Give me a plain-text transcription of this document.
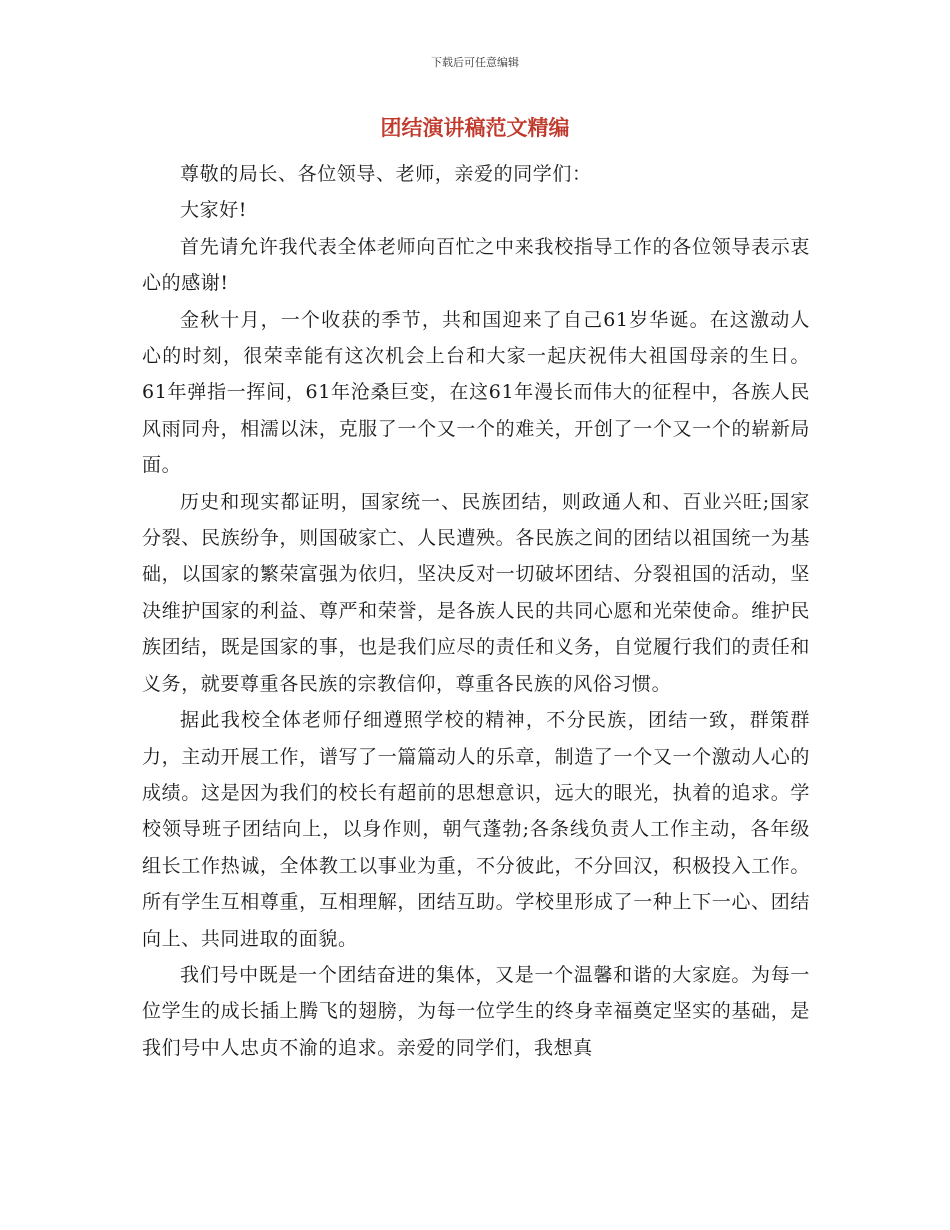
下载后可任意编辑
团结演讲稿范文精编

尊敬的局长、各位领导、老师，亲爱的同学们：

大家好!

首先请允许我代表全体老师向百忙之中来我校指导工作的各位领导表示衷心的感谢!

金秋十月，一个收获的季节，共和国迎来了自己61岁华诞。在这激动人心的时刻，很荣幸能有这次机会上台和大家一起庆祝伟大祖国母亲的生日。61年弹指一挥间，61年沧桑巨变，在这61年漫长而伟大的征程中，各族人民风雨同舟，相濡以沫，克服了一个又一个的难关，开创了一个又一个的崭新局面。

历史和现实都证明，国家统一、民族团结，则政通人和、百业兴旺;国家分裂、民族纷争，则国破家亡、人民遭殃。各民族之间的团结以祖国统一为基础，以国家的繁荣富强为依归，坚决反对一切破坏团结、分裂祖国的活动，坚决维护国家的利益、尊严和荣誉，是各族人民的共同心愿和光荣使命。维护民族团结，既是国家的事，也是我们应尽的责任和义务，自觉履行我们的责任和义务，就要尊重各民族的宗教信仰，尊重各民族的风俗习惯。

据此我校全体老师仔细遵照学校的精神，不分民族，团结一致，群策群力，主动开展工作，谱写了一篇篇动人的乐章，制造了一个又一个激动人心的成绩。这是因为我们的校长有超前的思想意识，远大的眼光，执着的追求。学校领导班子团结向上，以身作则，朝气蓬勃;各条线负责人工作主动，各年级组长工作热诚，全体教工以事业为重，不分彼此，不分回汉，积极投入工作。所有学生互相尊重，互相理解，团结互助。学校里形成了一种上下一心、团结向上、共同进取的面貌。

我们号中既是一个团结奋进的集体，又是一个温馨和谐的大家庭。为每一位学生的成长插上腾飞的翅膀，为每一位学生的终身幸福奠定坚实的基础，是我们号中人忠贞不渝的追求。亲爱的同学们，我想真
